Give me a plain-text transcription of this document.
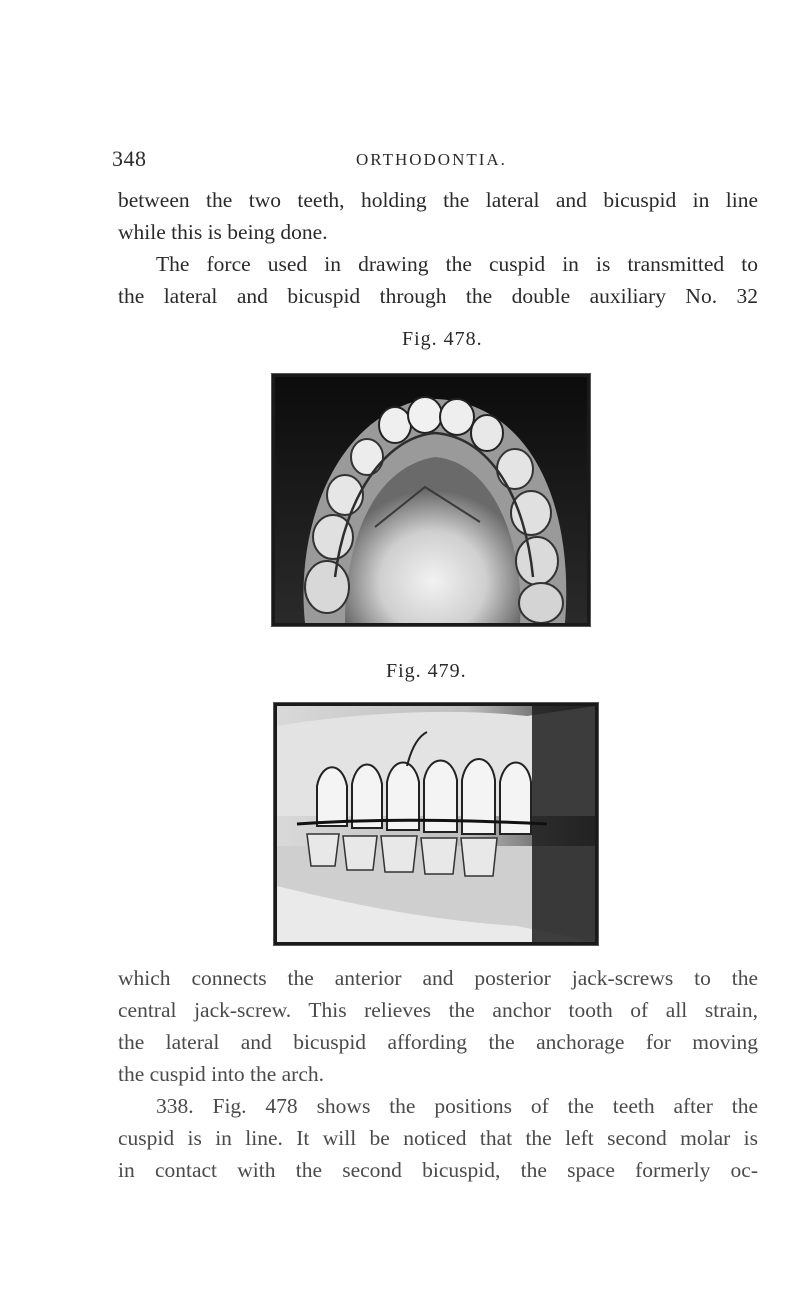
348	ORTHODONTIA.
between the two teeth, holding the lateral and bicuspid in line
while this is being done.
The force used in drawing the cuspid in is transmitted to
the lateral and bicuspid through the double auxiliary No. 32
Fig. 478.
Fig. 479.
which connects the anterior and posterior jack-screws to the
central jack-screw. This relieves the anchor tooth of all strain,
the lateral and bicuspid affording the anchorage for moving
the cuspid into the arch.
338. Fig. 478 shows the positions of the teeth after the
cuspid is in line. It will be noticed that the left second molar is
in contact with the second bicuspid, the space formerly oc-
